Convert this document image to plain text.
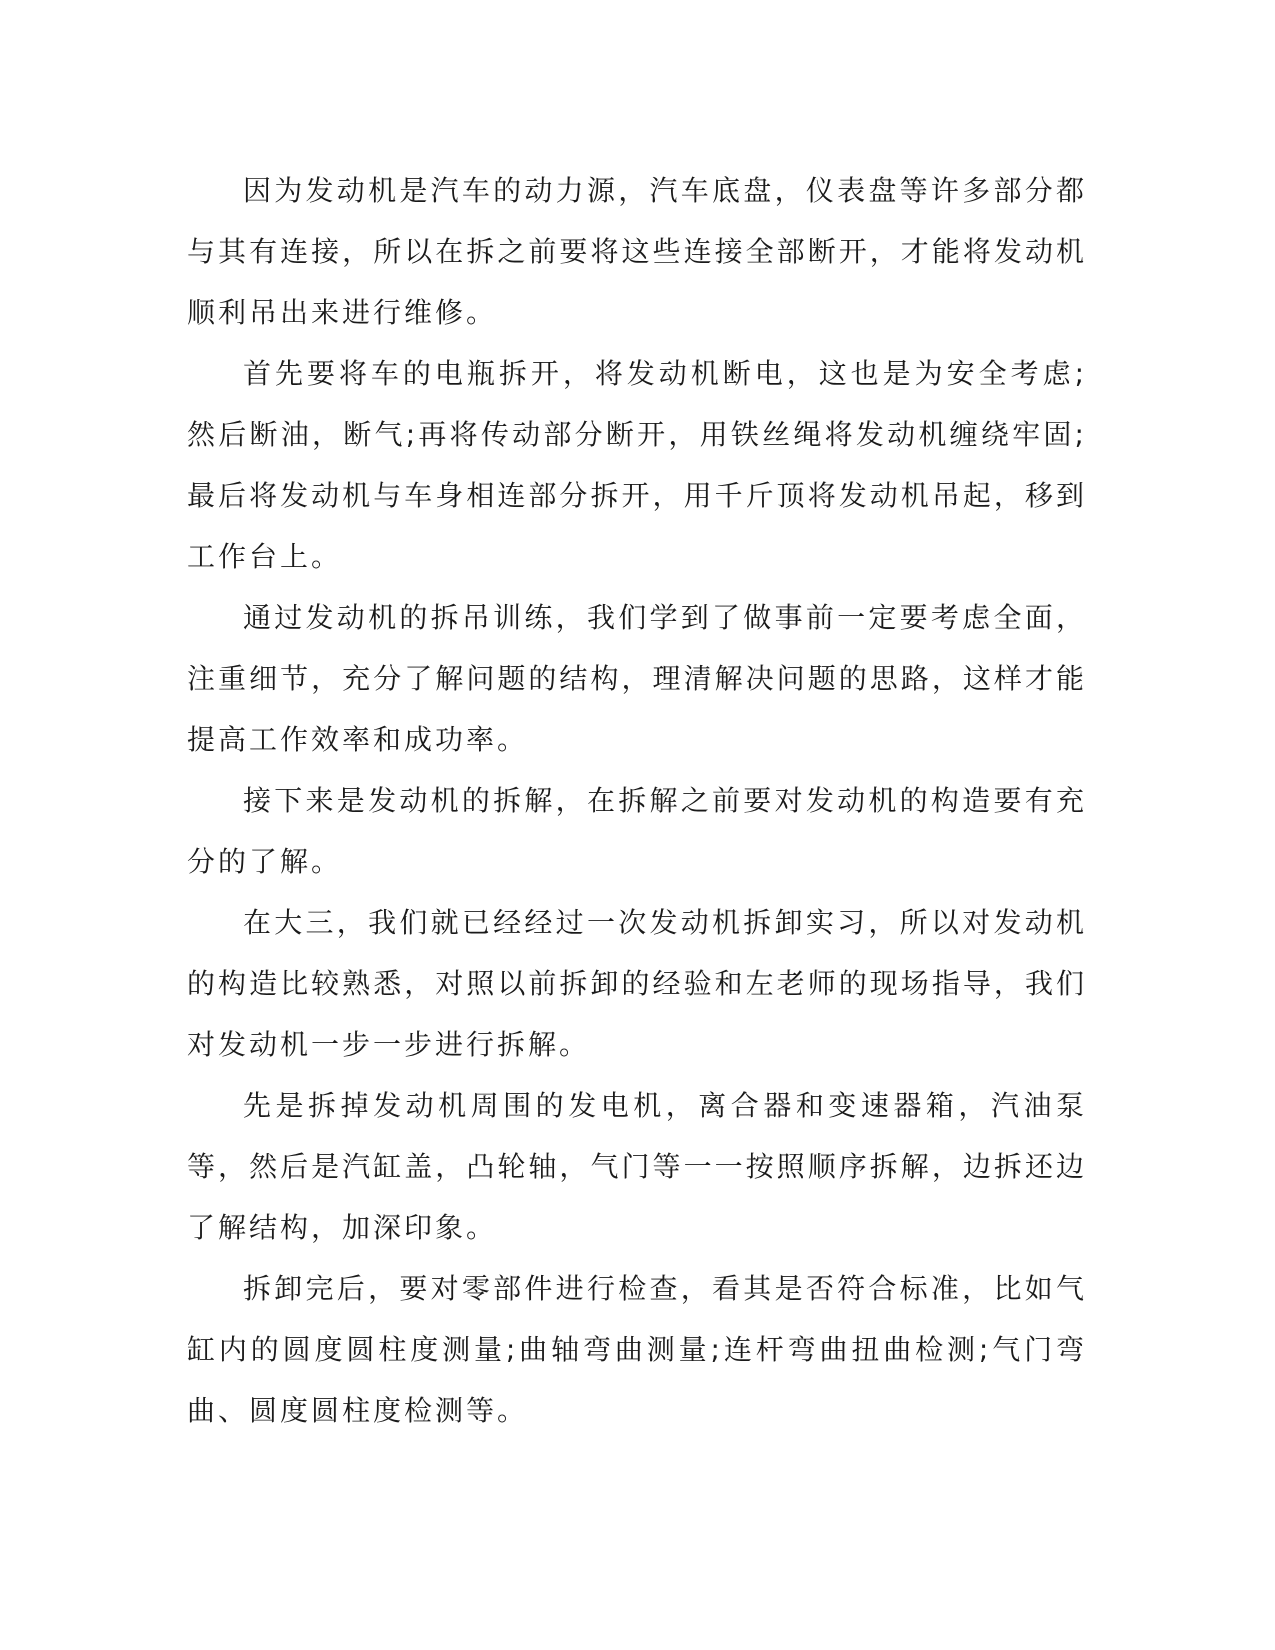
因为发动机是汽车的动力源，汽车底盘，仪表盘等许多部分都与其有连接，所以在拆之前要将这些连接全部断开，才能将发动机顺利吊出来进行维修。

首先要将车的电瓶拆开，将发动机断电，这也是为安全考虑;然后断油，断气;再将传动部分断开，用铁丝绳将发动机缠绕牢固;最后将发动机与车身相连部分拆开，用千斤顶将发动机吊起，移到工作台上。

通过发动机的拆吊训练，我们学到了做事前一定要考虑全面，注重细节，充分了解问题的结构，理清解决问题的思路，这样才能提高工作效率和成功率。

接下来是发动机的拆解，在拆解之前要对发动机的构造要有充分的了解。

在大三，我们就已经经过一次发动机拆卸实习，所以对发动机的构造比较熟悉，对照以前拆卸的经验和左老师的现场指导，我们对发动机一步一步进行拆解。

先是拆掉发动机周围的发电机，离合器和变速器箱，汽油泵等，然后是汽缸盖，凸轮轴，气门等一一按照顺序拆解，边拆还边了解结构，加深印象。

拆卸完后，要对零部件进行检查，看其是否符合标准，比如气缸内的圆度圆柱度测量;曲轴弯曲测量;连杆弯曲扭曲检测;气门弯曲、圆度圆柱度检测等。
